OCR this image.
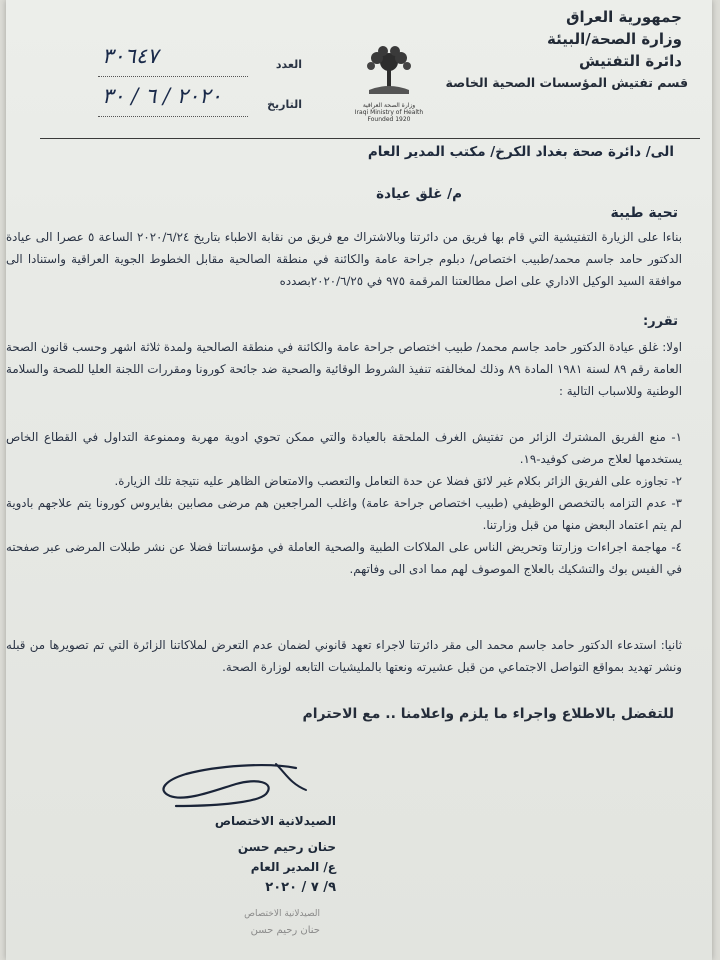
جمهورية العراق
وزارة الصحة/البيئة
دائرة التفتيش
قسم تفتيش المؤسسات الصحية الخاصة
وزارة الصحة العراقية
Iraqi Ministry of Health
Founded 1920
العدد
٣٠٦٤٧
التاريخ
٢٠٢٠ / ٦ / ٣٠
الى/ دائرة صحة بغداد الكرخ/ مكتب المدير العام
م/ غلق عيادة
تحية طيبة
بناءا على الزيارة التفتيشية التي قام بها فريق من دائرتنا وبالاشتراك مع فريق من نقابة الاطباء بتاريخ ٢٠٢٠/٦/٢٤ الساعة ٥ عصرا الى عيادة الدكتور حامد جاسم محمد/طبيب اختصاص/ دبلوم جراحة عامة والكائنة في منطقة الصالحية مقابل الخطوط الجوية العراقية واستنادا الى موافقة السيد الوكيل الاداري على اصل مطالعتنا المرقمة ٩٧٥ في ٢٠٢٠/٦/٢٥بصدده
تقرر:
اولا: غلق عيادة الدكتور حامد جاسم محمد/ طبيب اختصاص جراحة عامة والكائنة في منطقة الصالحية ولمدة ثلاثة اشهر وحسب قانون الصحة العامة رقم ٨٩ لسنة ١٩٨١ المادة ٨٩ وذلك لمخالفته تنفيذ الشروط الوقائية والصحية ضد جائحة كورونا ومقررات اللجنة العليا للصحة والسلامة الوطنية وللاسباب التالية :
١- منع الفريق المشترك الزائر من تفتيش الغرف الملحقة بالعيادة والتي ممكن تحوي ادوية مهربة وممنوعة التداول في القطاع الخاص يستخدمها لعلاج مرضى كوفيد-١٩.
٢- تجاوزه على الفريق الزائر بكلام غير لائق فضلا عن حدة التعامل والتعصب والامتعاض الظاهر عليه نتيجة تلك الزيارة.
٣- عدم التزامه بالتخصص الوظيفي (طبيب اختصاص جراحة عامة) واغلب المراجعين هم مرضى مصابين بفايروس كورونا يتم علاجهم بادوية لم يتم اعتماد البعض منها من قبل وزارتنا.
٤- مهاجمة اجراءات وزارتنا وتحريض الناس على الملاكات الطبية والصحية العاملة في مؤسساتنا فضلا عن نشر طبلات المرضى عبر صفحته في الفيس بوك والتشكيك بالعلاج الموصوف لهم مما ادى الى وفاتهم.
ثانيا: استدعاء الدكتور حامد جاسم محمد الى مقر دائرتنا لاجراء تعهد قانوني لضمان عدم التعرض لملاكاتنا الزائرة التي تم تصويرها من قبله ونشر تهديد بمواقع التواصل الاجتماعي من قبل عشيرته ونعتها بالمليشيات التابعه لوزارة الصحة.
للتفضل بالاطلاع واجراء ما يلزم واعلامنا .. مع الاحترام
الصيدلانية الاختصاص
حنان رحيم حسن
ع/ المدير العام
٩/ ٧ / ٢٠٢٠
الصيدلانية الاختصاص
حنان رحيم حسن
